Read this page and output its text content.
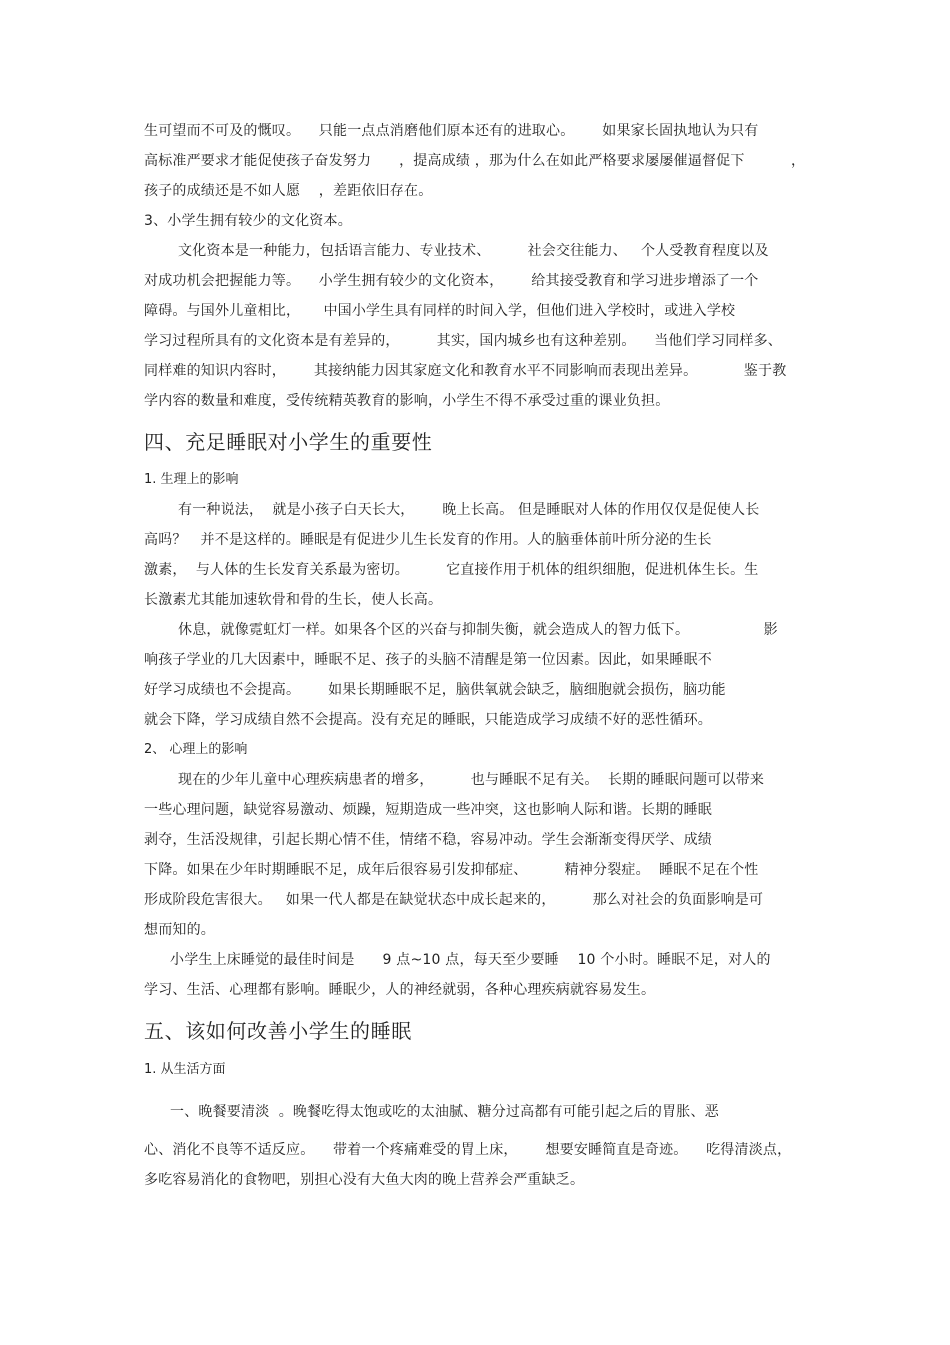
生可望而不可及的慨叹。    只能一点点消磨他们原本还有的进取心。      如果家长固执地认为只有
高标准严要求才能促使孩子奋发努力      ，提高成绩 ，那为什么在如此严格要求屡屡催逼督促下          ，
孩子的成绩还是不如人愿    ，差距依旧存在。
3、小学生拥有较少的文化资本。
文化资本是一种能力，包括语言能力、专业技术、        社会交往能力、   个人受教育程度以及
对成功机会把握能力等。    小学生拥有较少的文化资本，      给其接受教育和学习进步增添了一个
障碍。与国外儿童相比，     中国小学生具有同样的时间入学，但他们进入学校时，或进入学校
学习过程所具有的文化资本是有差异的，        其实，国内城乡也有这种差别。    当他们学习同样多、
同样难的知识内容时，      其接纳能力因其家庭文化和教育水平不同影响而表现出差异。          鉴于教
学内容的数量和难度，受传统精英教育的影响，小学生不得不承受过重的课业负担。
四、充足睡眠对小学生的重要性
1. 生理上的影响
有一种说法，  就是小孩子白天长大，      晚上长高。 但是睡眠对人体的作用仅仅是促使人长
高吗？   并不是这样的。睡眠是有促进少儿生长发育的作用。人的脑垂体前叶所分泌的生长
激素，  与人体的生长发育关系最为密切。        它直接作用于机体的组织细胞，促进机体生长。生
长激素尤其能加速软骨和骨的生长，使人长高。
休息，就像霓虹灯一样。如果各个区的兴奋与抑制失衡，就会造成人的智力低下。                影
响孩子学业的几大因素中，睡眠不足、孩子的头脑不清醒是第一位因素。因此，如果睡眠不
好学习成绩也不会提高。      如果长期睡眠不足，脑供氧就会缺乏，脑细胞就会损伤，脑功能
就会下降，学习成绩自然不会提高。没有充足的睡眠，只能造成学习成绩不好的恶性循环。
2、 心理上的影响
现在的少年儿童中心理疾病患者的增多，        也与睡眠不足有关。  长期的睡眠问题可以带来
一些心理问题，缺觉容易激动、烦躁，短期造成一些冲突，这也影响人际和谐。长期的睡眠
剥夺，生活没规律，引起长期心情不佳，情绪不稳，容易冲动。学生会渐渐变得厌学、成绩
下降。如果在少年时期睡眠不足，成年后很容易引发抑郁症、        精神分裂症。  睡眠不足在个性
形成阶段危害很大。   如果一代人都是在缺觉状态中成长起来的，        那么对社会的负面影响是可
想而知的。
小学生上床睡觉的最佳时间是      9 点~10 点，每天至少要睡    10 个小时。睡眠不足，对人的
学习、生活、心理都有影响。睡眠少，人的神经就弱，各种心理疾病就容易发生。
五、该如何改善小学生的睡眠
1. 从生活方面
一、晚餐要清淡  。晚餐吃得太饱或吃的太油腻、糖分过高都有可能引起之后的胃胀、恶
心、消化不良等不适反应。    带着一个疼痛难受的胃上床，      想要安睡简直是奇迹。    吃得清淡点，
多吃容易消化的食物吧，别担心没有大鱼大肉的晚上营养会严重缺乏。
